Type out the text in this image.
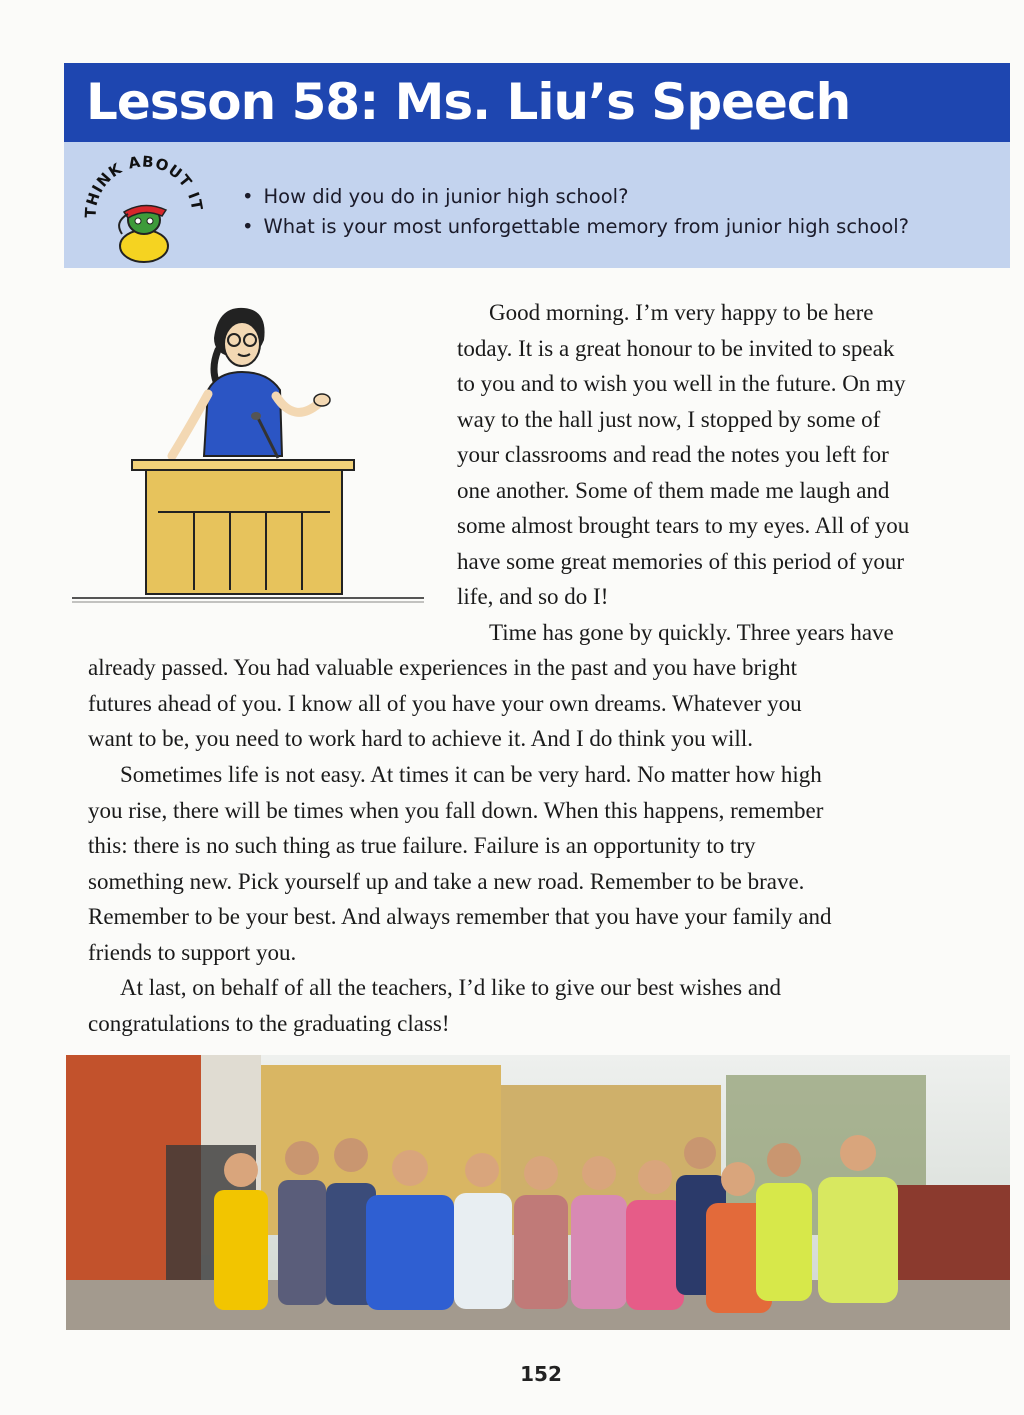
Lesson 58: Ms. Liu’s Speech
THINK ABOUT IT
•	How did you do in junior high school?
• What is your most unforgettable memory from junior high school?
Good morning. I’m very happy to be here
today. It is a great honour to be invited to speak
to you and to wish you well in the future. On my
way to the hall just now, I stopped by some of
your classrooms and read the notes you left for
one another. Some of them made me laugh and
some almost brought tears to my eyes. All of you
have some great memories of this period of your
life, and so do I!
Time has gone by quickly. Three years have
already passed. You had valuable experiences in the past and you have bright
futures ahead of you. I know all of you have your own dreams. Whatever you
want to be, you need to work hard to achieve it. And I do think you will.
Sometimes life is not easy. At times it can be very hard. No matter how high
you rise, there will be times when you fall down. When this happens, remember
this: there is no such thing as true failure. Failure is an opportunity to try
something new. Pick yourself up and take a new road. Remember to be brave.
Remember to be your best. And always remember that you have your family and
friends to support you.
At last, on behalf of all the teachers, I’d like to give our best wishes and
congratulations to the graduating class!
152
